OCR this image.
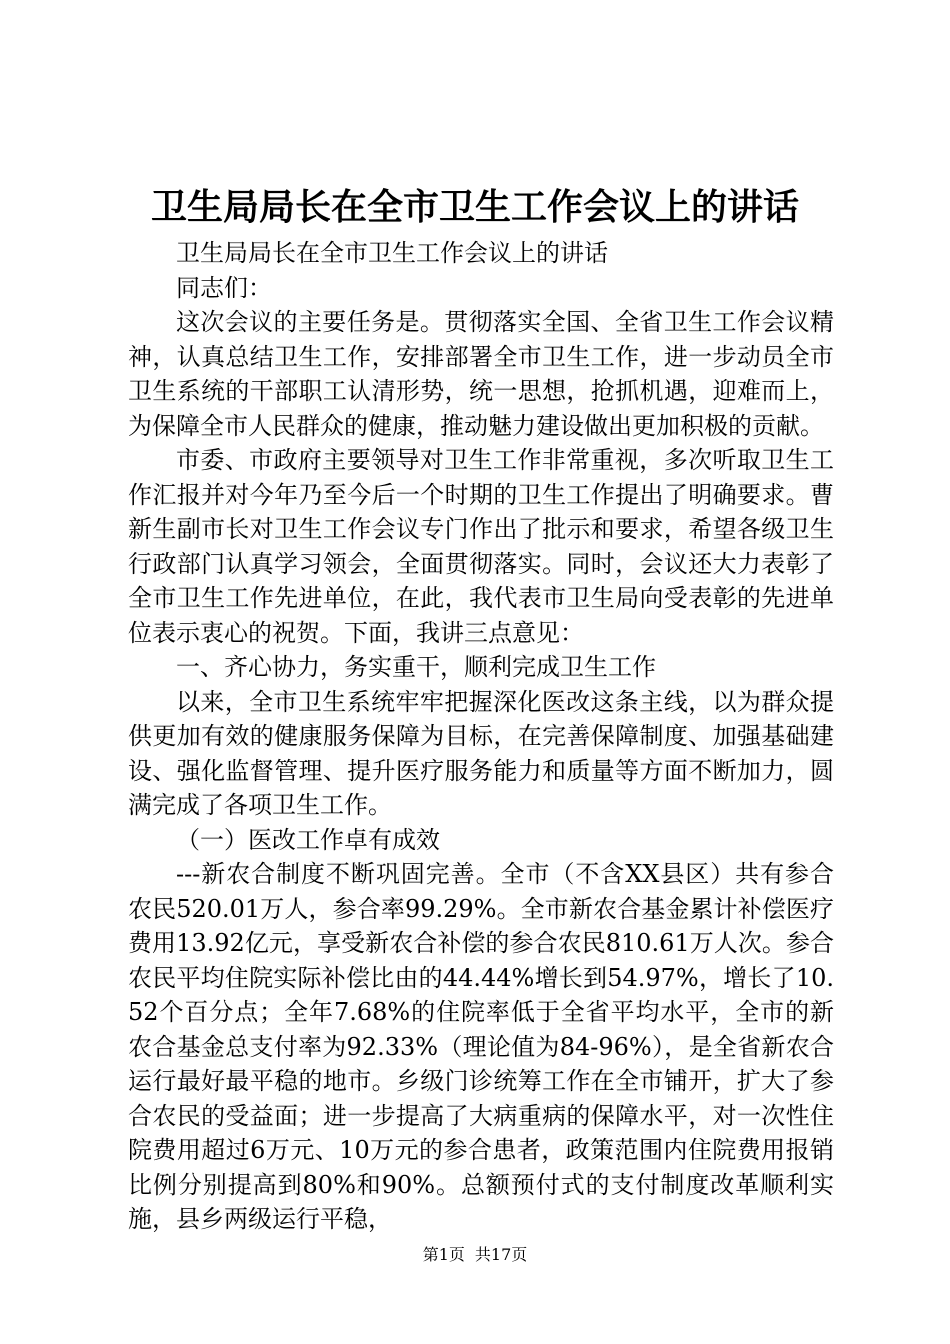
卫生局局长在全市卫生工作会议上的讲话

卫生局局长在全市卫生工作会议上的讲话

同志们：

这次会议的主要任务是。贯彻落实全国、全省卫生工作会议精神，认真总结卫生工作，安排部署全市卫生工作，进一步动员全市卫生系统的干部职工认清形势，统一思想，抢抓机遇，迎难而上，为保障全市人民群众的健康，推动魅力建设做出更加积极的贡献。

市委、市政府主要领导对卫生工作非常重视，多次听取卫生工作汇报并对今年乃至今后一个时期的卫生工作提出了明确要求。曹新生副市长对卫生工作会议专门作出了批示和要求，希望各级卫生行政部门认真学习领会，全面贯彻落实。同时，会议还大力表彰了全市卫生工作先进单位，在此，我代表市卫生局向受表彰的先进单位表示衷心的祝贺。下面，我讲三点意见：

一、齐心协力，务实重干，顺利完成卫生工作

以来，全市卫生系统牢牢把握深化医改这条主线，以为群众提供更加有效的健康服务保障为目标，在完善保障制度、加强基础建设、强化监督管理、提升医疗服务能力和质量等方面不断加力，圆满完成了各项卫生工作。

（一）医改工作卓有成效

---新农合制度不断巩固完善。全市（不含XX县区）共有参合农民520.01万人，参合率99.29%。全市新农合基金累计补偿医疗费用13.92亿元，享受新农合补偿的参合农民810.61万人次。参合农民平均住院实际补偿比由的44.44%增长到54.97%，增长了10.52个百分点；全年7.68%的住院率低于全省平均水平，全市的新农合基金总支付率为92.33%（理论值为84-96%），是全省新农合运行最好最平稳的地市。乡级门诊统筹工作在全市铺开，扩大了参合农民的受益面；进一步提高了大病重病的保障水平，对一次性住院费用超过6万元、10万元的参合患者，政策范围内住院费用报销比例分别提高到80%和90%。总额预付式的支付制度改革顺利实施，县乡两级运行平稳，

第1页 共17页
